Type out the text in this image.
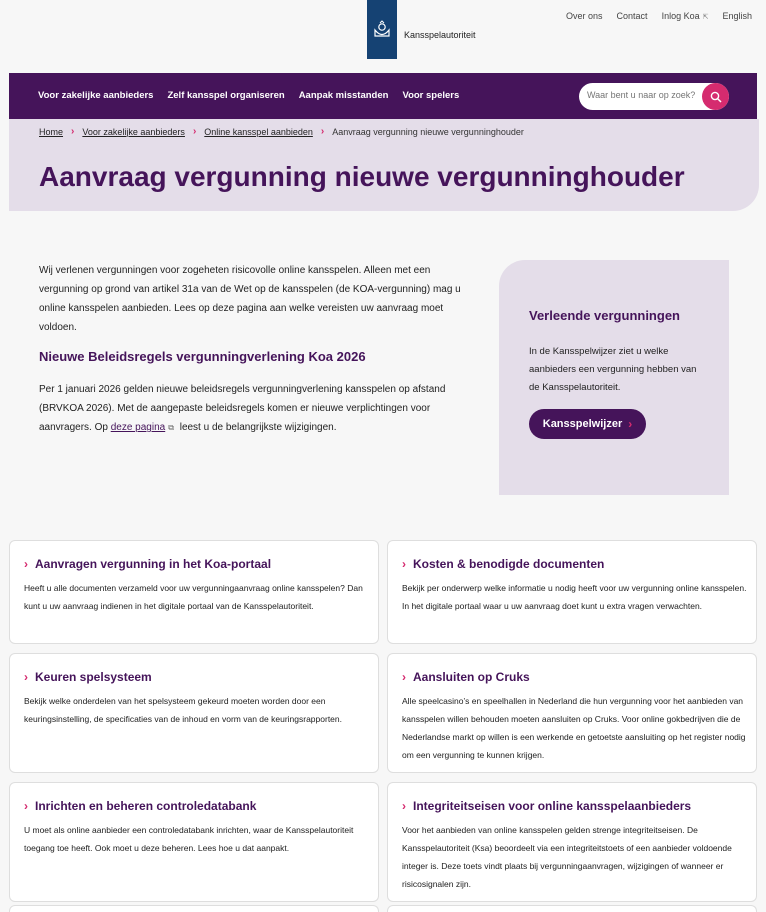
Kansspelautoriteit
Over ons Contact Inlog Koa ⇱ English
Voor zakelijke aanbieders Zelf kansspel organiseren Aanpak misstanden Voor spelers
Waar bent u naar op zoek?
Home › Voor zakelijke aanbieders › Online kansspel aanbieden › Aanvraag vergunning nieuwe vergunninghouder
Aanvraag vergunning nieuwe vergunninghouder

Wij verlenen vergunningen voor zogeheten risicovolle online kansspelen. Alleen met een vergunning op grond van artikel 31a van de Wet op de kansspelen (de KOA-vergunning) mag u online kansspelen aanbieden. Lees op deze pagina aan welke vereisten uw aanvraag moet voldoen.

Nieuwe Beleidsregels vergunningverlening Koa 2026

Per 1 januari 2026 gelden nieuwe beleidsregels vergunningverlening kansspelen op afstand (BRVKOA 2026). Met de aangepaste beleidsregels komen er nieuwe verplichtingen voor aanvragers. Op deze pagina ⧉ leest u de belangrijkste wijzigingen.

Verleende vergunningen

In de Kansspelwijzer ziet u welke aanbieders een vergunning hebben van de Kansspelautoriteit.

Kansspelwijzer ›
› Aanvragen vergunning in het Koa-portaal

Heeft u alle documenten verzameld voor uw vergunningaanvraag online kansspelen? Dan kunt u uw aanvraag indienen in het digitale portaal van de Kansspelautoriteit.

› Kosten & benodigde documenten

Bekijk per onderwerp welke informatie u nodig heeft voor uw vergunning online kansspelen. In het digitale portaal waar u uw aanvraag doet kunt u extra vragen verwachten.

› Keuren spelsysteem

Bekijk welke onderdelen van het spelsysteem gekeurd moeten worden door een keuringsinstelling, de specificaties van de inhoud en vorm van de keuringsrapporten.

› Aansluiten op Cruks

Alle speelcasino’s en speelhallen in Nederland die hun vergunning voor het aanbieden van kansspelen willen behouden moeten aansluiten op Cruks. Voor online gokbedrijven die de Nederlandse markt op willen is een werkende en getoetste aansluiting op het register nodig om een vergunning te kunnen krijgen.

› Inrichten en beheren controledatabank

U moet als online aanbieder een controledatabank inrichten, waar de Kansspelautoriteit toegang toe heeft. Ook moet u deze beheren. Lees hoe u dat aanpakt.

› Integriteitseisen voor online kansspelaanbieders

Voor het aanbieden van online kansspelen gelden strenge integriteitseisen. De Kansspelautoriteit (Ksa) beoordeelt via een integriteitstoets of een aanbieder voldoende integer is. Deze toets vindt plaats bij vergunningaanvragen, wijzigingen of wanneer er risicosignalen zijn.
